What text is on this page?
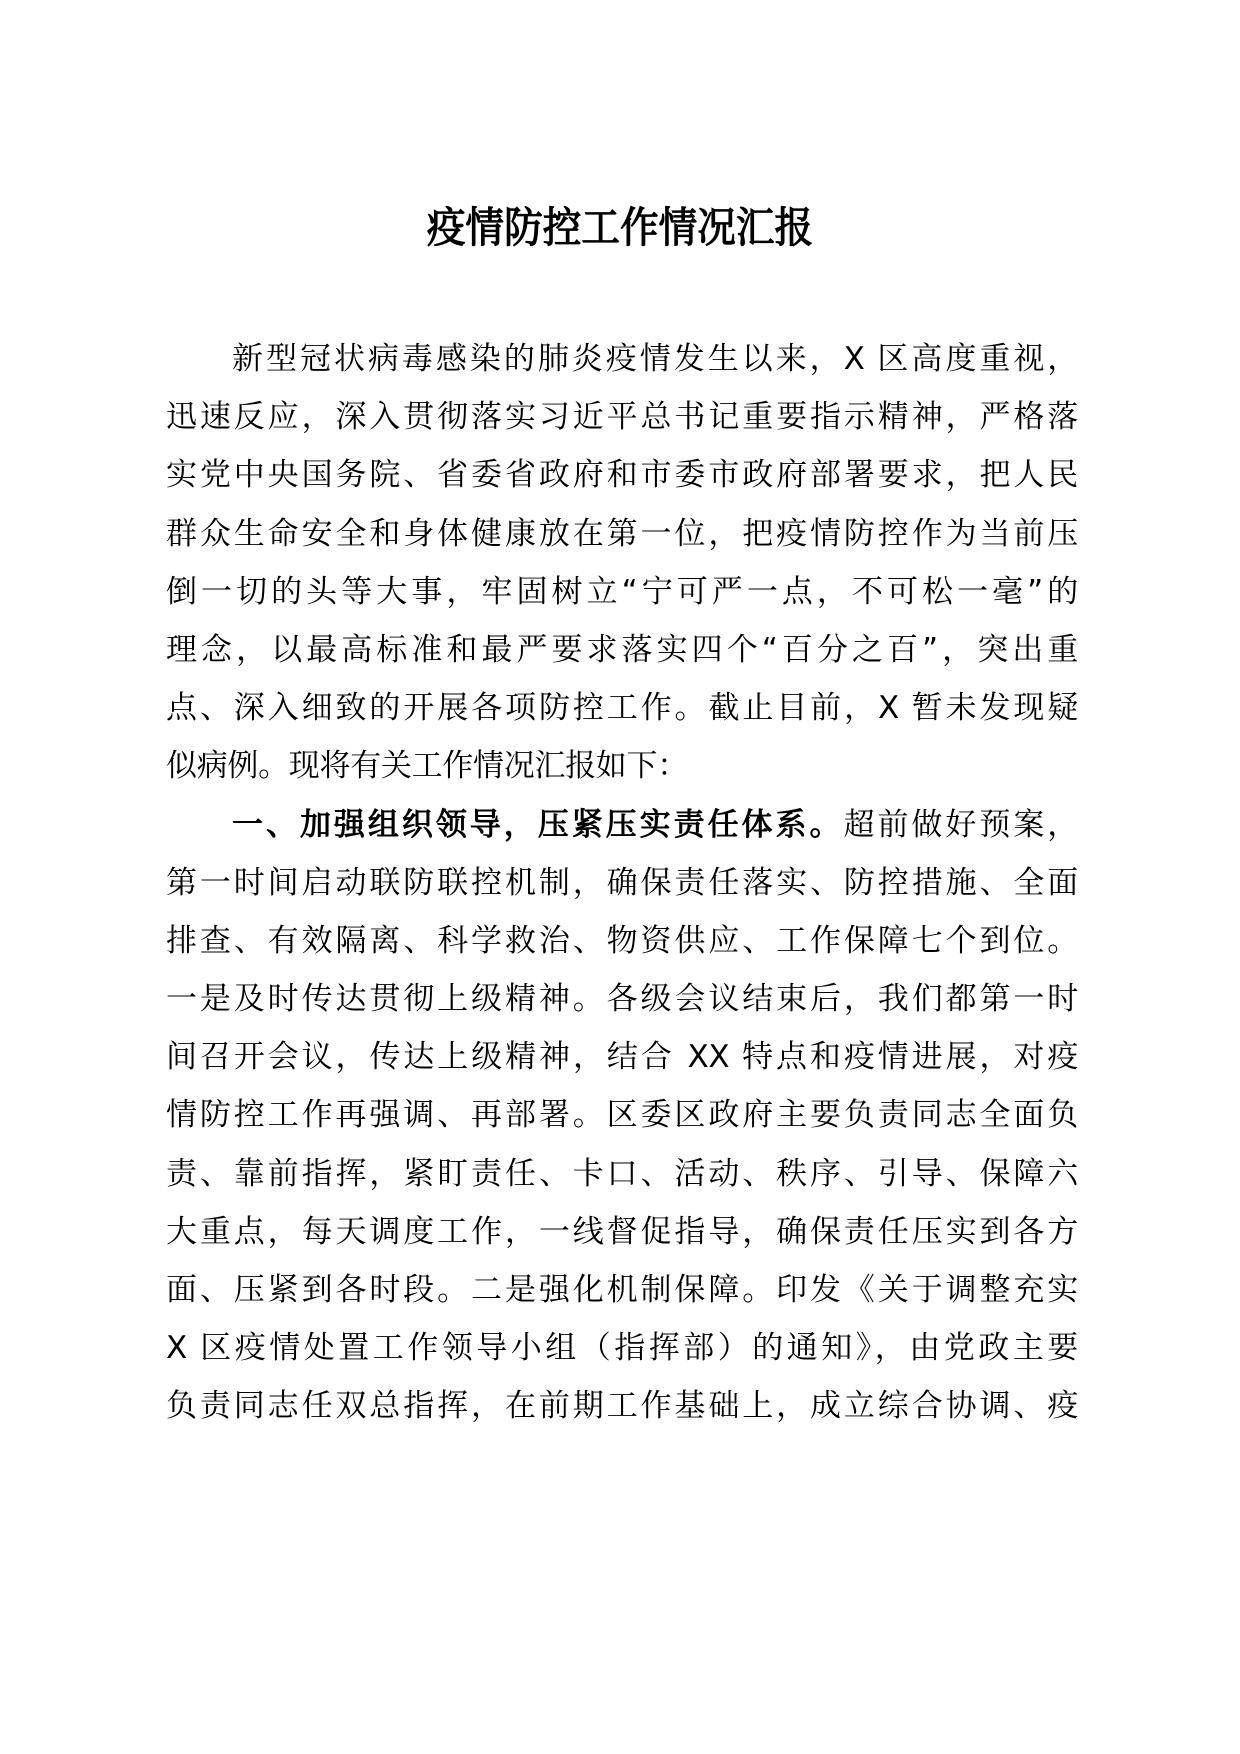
疫情防控工作情况汇报
新型冠状病毒感染的肺炎疫情发生以来，X 区高度重视，
迅速反应，深入贯彻落实习近平总书记重要指示精神，严格落
实党中央国务院、省委省政府和市委市政府部署要求，把人民
群众生命安全和身体健康放在第一位，把疫情防控作为当前压
倒一切的头等大事，牢固树立“宁可严一点，不可松一毫”的
理念，以最高标准和最严要求落实四个“百分之百”，突出重
点、深入细致的开展各项防控工作。截止目前，X 暂未发现疑
似病例。现将有关工作情况汇报如下：
一、加强组织领导，压紧压实责任体系。超前做好预案，
第一时间启动联防联控机制，确保责任落实、防控措施、全面
排查、有效隔离、科学救治、物资供应、工作保障七个到位。
一是及时传达贯彻上级精神。各级会议结束后，我们都第一时
间召开会议，传达上级精神，结合 XX 特点和疫情进展，对疫
情防控工作再强调、再部署。区委区政府主要负责同志全面负
责、靠前指挥，紧盯责任、卡口、活动、秩序、引导、保障六
大重点，每天调度工作，一线督促指导，确保责任压实到各方
面、压紧到各时段。二是强化机制保障。印发《关于调整充实
X 区疫情处置工作领导小组（指挥部）的通知》，由党政主要
负责同志任双总指挥，在前期工作基础上，成立综合协调、疫
